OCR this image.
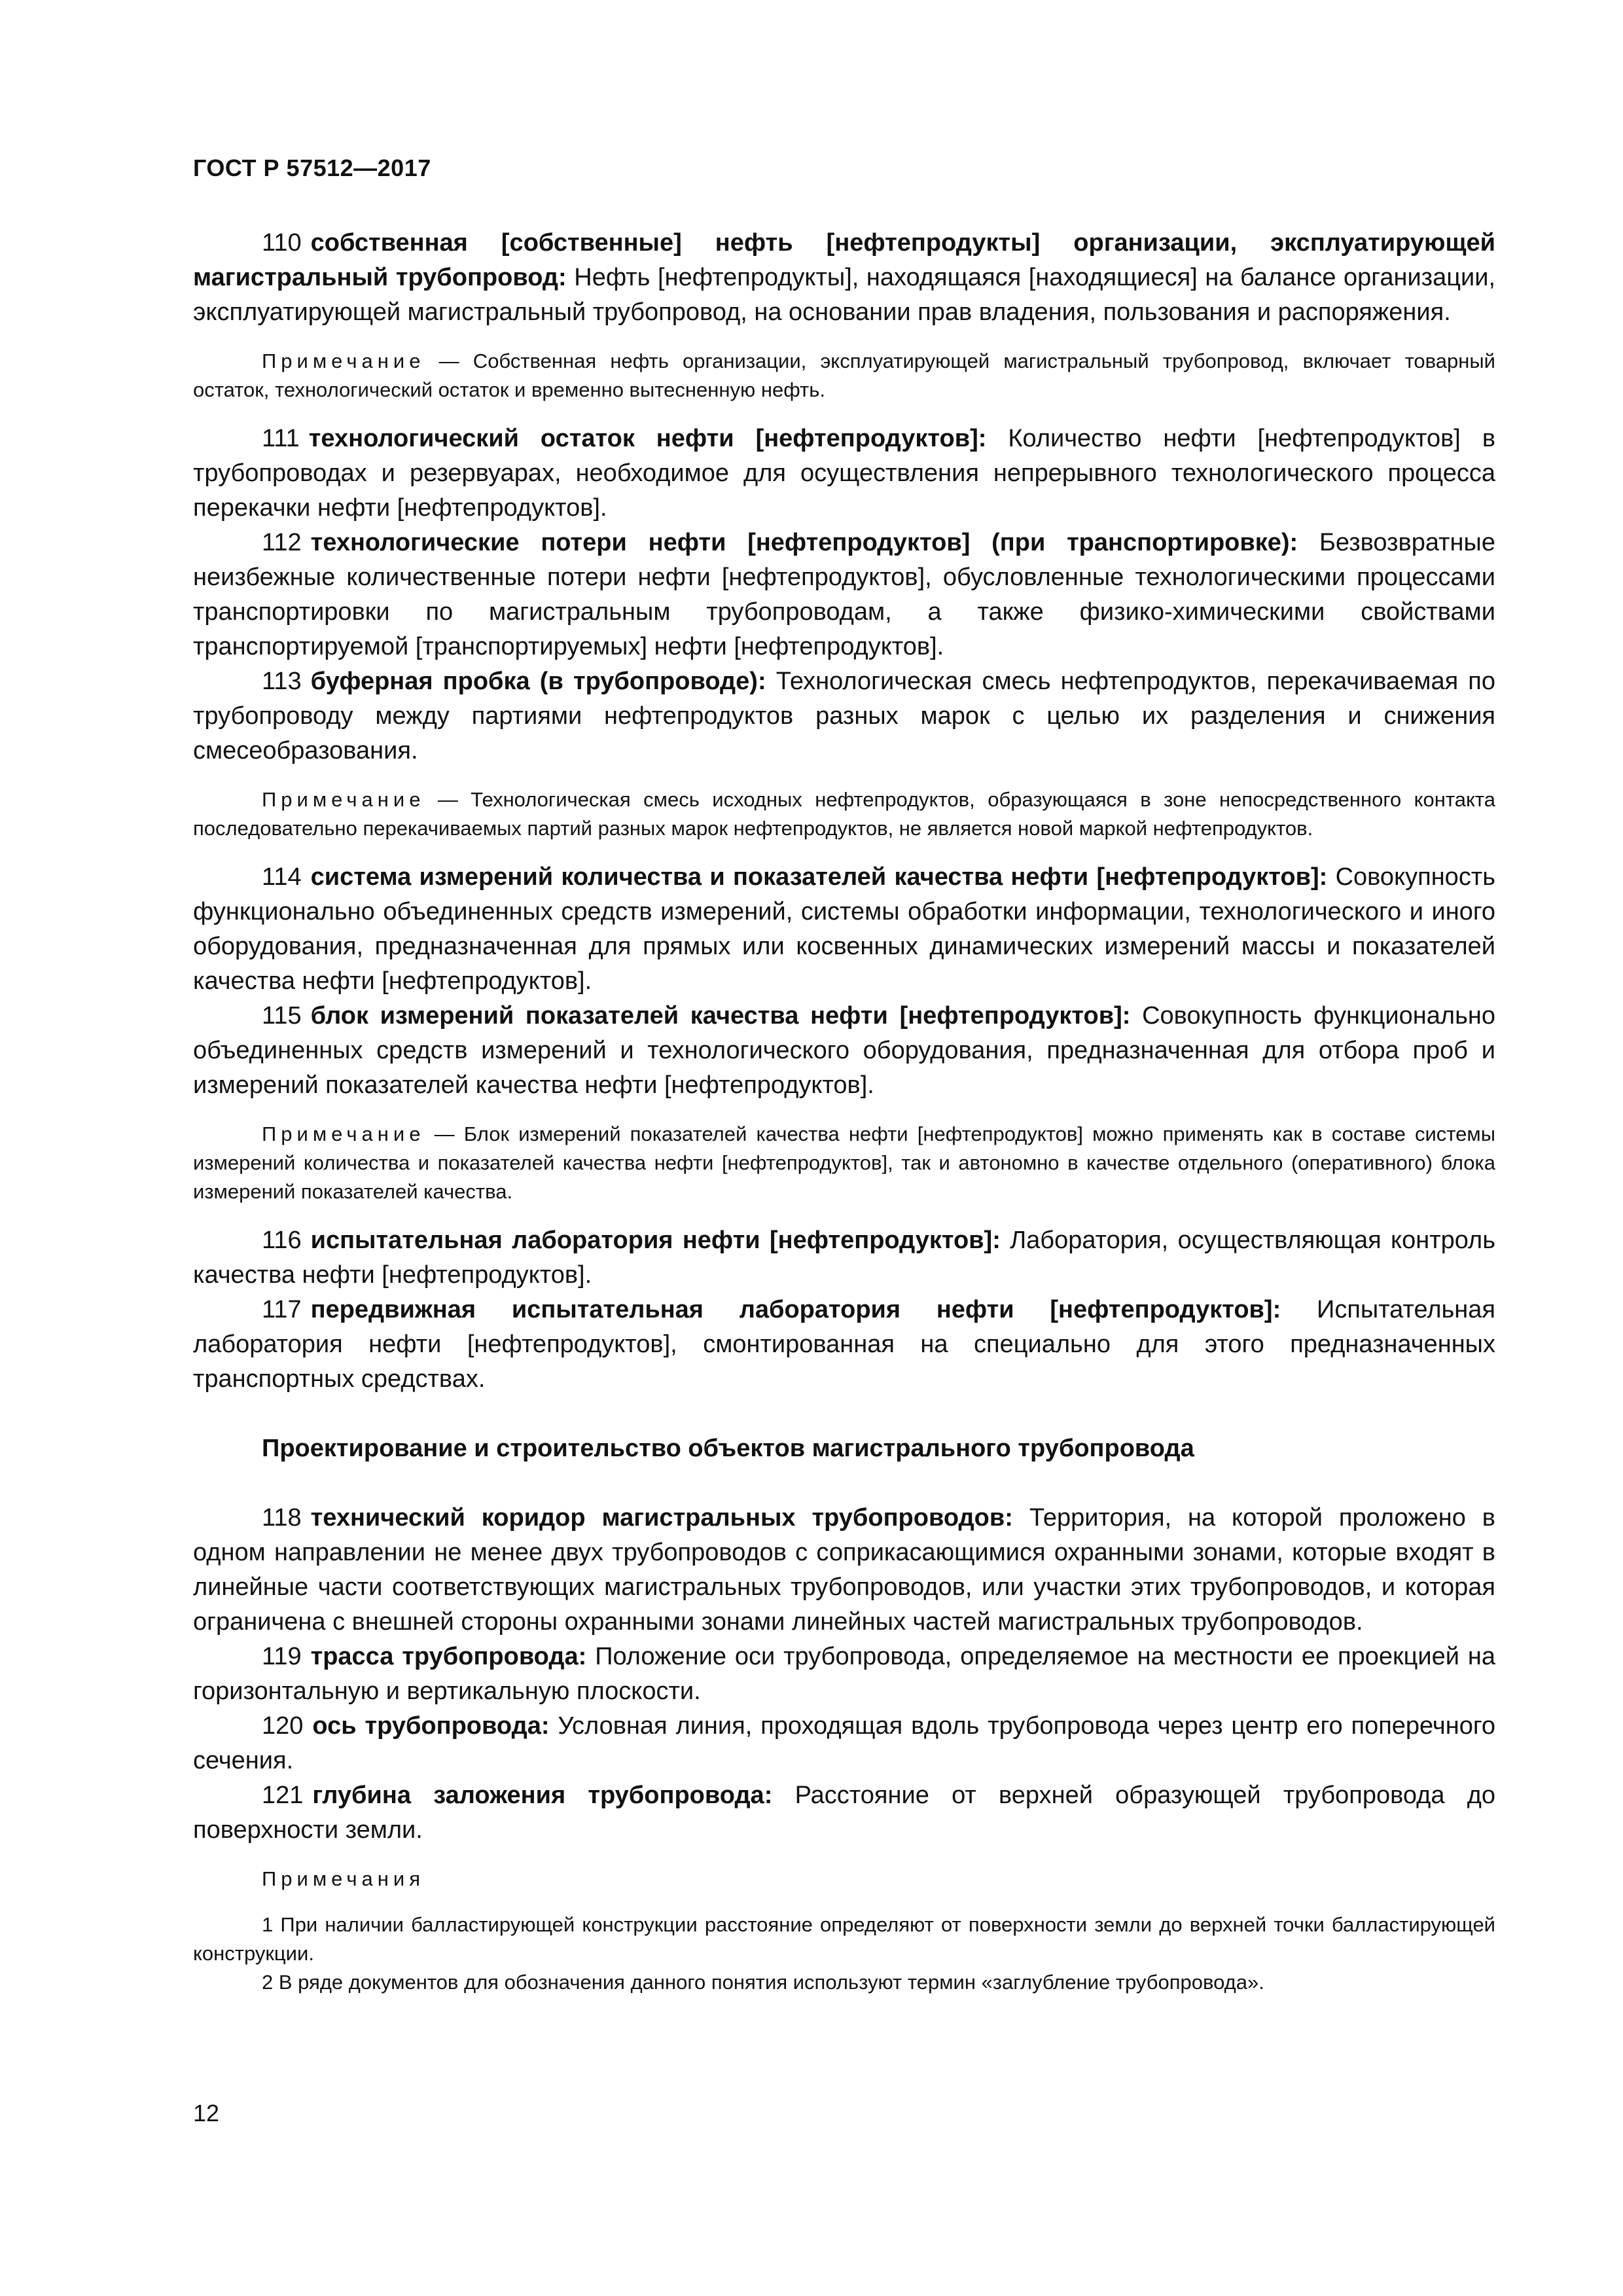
ГОСТ Р 57512—2017

110 собственная [собственные] нефть [нефтепродукты] организации, эксплуатирующей магистральный трубопровод: Нефть [нефтепродукты], находящаяся [находящиеся] на балансе организации, эксплуатирующей магистральный трубопровод, на основании прав владения, пользования и распоряжения.

Примечание — Собственная нефть организации, эксплуатирующей магистральный трубопровод, включает товарный остаток, технологический остаток и временно вытесненную нефть.

111 технологический остаток нефти [нефтепродуктов]: Количество нефти [нефтепродуктов] в трубопроводах и резервуарах, необходимое для осуществления непрерывного технологического процесса перекачки нефти [нефтепродуктов].

112 технологические потери нефти [нефтепродуктов] (при транспортировке): Безвозвратные неизбежные количественные потери нефти [нефтепродуктов], обусловленные технологическими процессами транспортировки по магистральным трубопроводам, а также физико-химическими свойствами транспортируемой [транспортируемых] нефти [нефтепродуктов].

113 буферная пробка (в трубопроводе): Технологическая смесь нефтепродуктов, перекачиваемая по трубопроводу между партиями нефтепродуктов разных марок с целью их разделения и снижения смесеобразования.

Примечание — Технологическая смесь исходных нефтепродуктов, образующаяся в зоне непосредственного контакта последовательно перекачиваемых партий разных марок нефтепродуктов, не является новой маркой нефтепродуктов.

114 система измерений количества и показателей качества нефти [нефтепродуктов]: Совокупность функционально объединенных средств измерений, системы обработки информации, технологического и иного оборудования, предназначенная для прямых или косвенных динамических измерений массы и показателей качества нефти [нефтепродуктов].

115 блок измерений показателей качества нефти [нефтепродуктов]: Совокупность функционально объединенных средств измерений и технологического оборудования, предназначенная для отбора проб и измерений показателей качества нефти [нефтепродуктов].

Примечание — Блок измерений показателей качества нефти [нефтепродуктов] можно применять как в составе системы измерений количества и показателей качества нефти [нефтепродуктов], так и автономно в качестве отдельного (оперативного) блока измерений показателей качества.

116 испытательная лаборатория нефти [нефтепродуктов]: Лаборатория, осуществляющая контроль качества нефти [нефтепродуктов].

117 передвижная испытательная лаборатория нефти [нефтепродуктов]: Испытательная лаборатория нефти [нефтепродуктов], смонтированная на специально для этого предназначенных транспортных средствах.

Проектирование и строительство объектов магистрального трубопровода

118 технический коридор магистральных трубопроводов: Территория, на которой проложено в одном направлении не менее двух трубопроводов с соприкасающимися охранными зонами, которые входят в линейные части соответствующих магистральных трубопроводов, или участки этих трубопроводов, и которая ограничена с внешней стороны охранными зонами линейных частей магистральных трубопроводов.

119 трасса трубопровода: Положение оси трубопровода, определяемое на местности ее проекцией на горизонтальную и вертикальную плоскости.

120 ось трубопровода: Условная линия, проходящая вдоль трубопровода через центр его поперечного сечения.

121 глубина заложения трубопровода: Расстояние от верхней образующей трубопровода до поверхности земли.

Примечания

1 При наличии балластирующей конструкции расстояние определяют от поверхности земли до верхней точки балластирующей конструкции.

2 В ряде документов для обозначения данного понятия используют термин «заглубление трубопровода».

12
